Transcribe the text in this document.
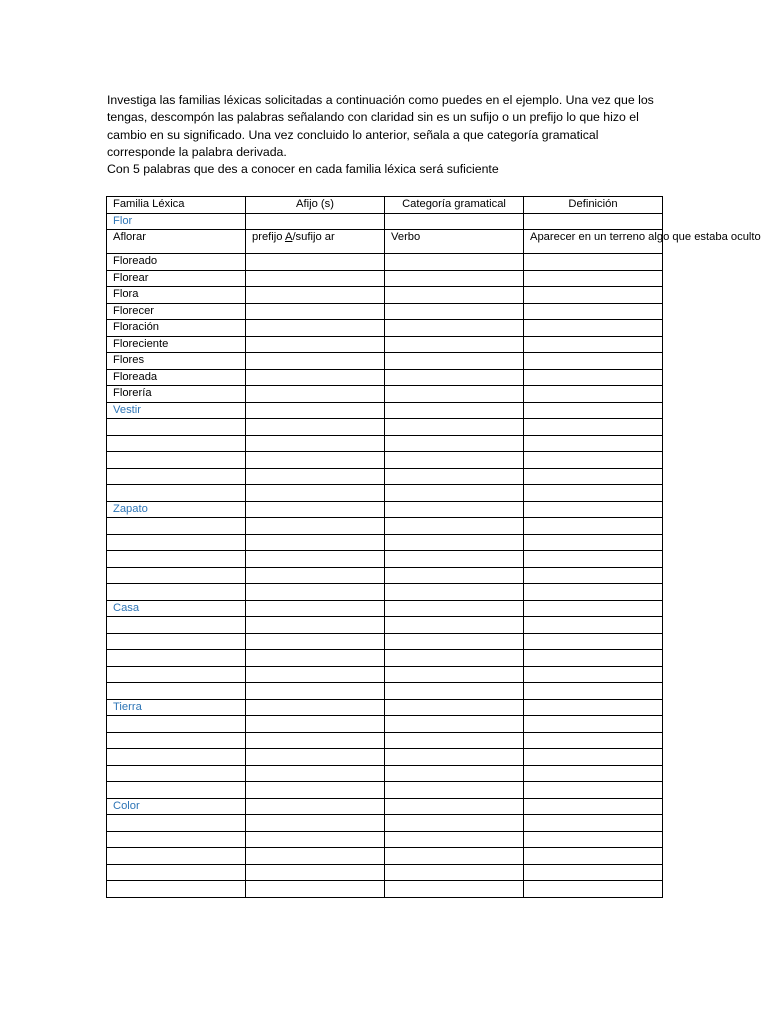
Investiga las familias léxicas solicitadas a continuación como puedes en el ejemplo. Una vez que los

tengas, descompón las palabras señalando con claridad sin es un sufijo o un prefijo lo que hizo el

cambio en su significado. Una vez concluido lo anterior, señala a que categoría gramatical

corresponde la palabra derivada.

Con 5 palabras que des a conocer en cada familia léxica será suficiente

Familia Léxica	Afijo (s)	Categoría gramatical	Definición
Flor			
Aflorar	prefijo A/sufijo ar	Verbo	Aparecer en un terreno algo que estaba oculto
Floreado			
Florear			
Flora			
Florecer			
Floración			
Floreciente			
Flores			
Floreada			
Florería			
Vestir			

Zapato			

Casa			

Tierra			

Color			
